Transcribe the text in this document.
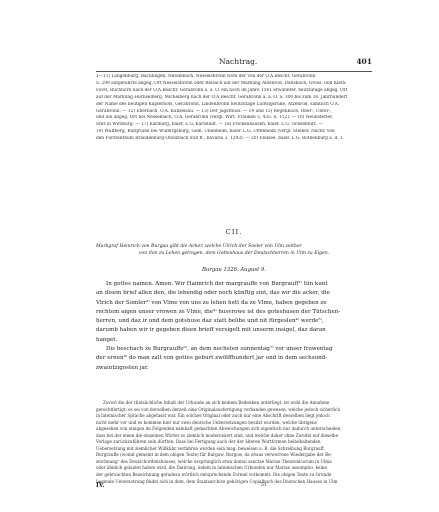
Nachtrag.	401
1—11) Langenburg, Bächlingen, Nesselbach, Nesselsbronn wohl der von der O.A.Beschr. Gerabronn
S. 299 aufgeführte abgeg. Ort Nesselsbronn oder Reisach auf der Markung Atzenrod, Dünsbach, Gross- und Klein-
Forst, Buchhorn nach der O.A.Beschr. Gerabronn a. a. O. ein noch im Jahre 1561 erwähnter, heutzutage abgeg. Ort
auf der Markung Hürnselberg, Michelberg nach der O.A.Beschr. Gerabronn a. a. O. S. 300 bis zum 16. Jahrhundert
der Name des heutigen Kupferhofs, Gerabronn, Lindenbronn heutzutage Ludwigsruhe, Atzenrod, sämtlich O.A.
Gerabronn. — 12) Eberbach, O.A. Künzelsau. — 13) Der Jagstfluss. — 14 und 15) Regenbach, Ober-, Unter-,
und ein abgeg. Ort bei Nesselbach, O.A. Gerabronn (vergl. Wirt. Franken 5, 433. 6, 112). — 16) Neunstetter,
Stift in Wirzburg. — 17) Karlburg, baier. L.G. Karlstadt. — 18) Frickenhausen, baier. L.G. Ochsenfurt. —
19) Wülfberg, Burgruine bei Wülfergsburg, Gem. Uhenheim, baier. L.G. Uffenheim (vergl. Stieber, Nachr. von
den Fürstenthum Brandenburg-Onolzbach 858 ff., Bavaria 3, 1293). — 20) Endsee, baier. L.G. Rothenburg a. d. T.
CII.
Markgraf Heinrich von Burgau gibt die Äcker, welche Ulrich der Soeler von Ulm seither
von ihm zu Lehen getragen, dem Gotteshaus der Deutschherren in Ulm zu Eigen.
Burgau 1326. August 9.
In gottes namen. Amen. Wir Haimrich der margrauffe von Burgrauff¹⁾ tün kunt
an disem brief allen den, die lebendig oder noch künftig sint, das wir die acker, die
Vlrich der Somler²⁾ von Vlme von uns ze lehen hett da ze Vlme, haben gegeben ze
rechtem aigen unser vrowen ze Vlme, die³⁾ husvrowe ist des goteshusen der Tütschen-
herren, und daz ir und dem gotshuse daz statt belibe und nit fürgeslen⁴⁾ werde⁵⁾,
darumb haben wir ir gegeben disen brieff versigelt mit unserm insigel, daz daran
hanget.
Dis beschach ze Burgrauffe⁶⁾, an dem nechsten sunnentag⁷⁾ vor unser frowentag
der ernen⁸⁾ do man zalt von gottes geburt zwölffhundert jar und in dem sechsund-
zwaintzigosten jar.
Zuvorl die der thatsächliche Inhalt der Urkunde an sich keinem Bedenken unterliegt, ist wohl die Annahme
gerechtfertigt, es sei von derselben derzeit eine Originalausfertigung vorhanden gewesen, welche jedoch sicherlich
in lateinischer Sprache abgefasst war. Ein solches Original oder auch nur eine Abschrift desselben liegt jedoch
nicht mehr vor und es kommen hier nur zwei deutsche Uebersetzungen besitzt wurden, welche übrigens
abgesehen von einigen im Folgenden namhaft gemachten Abweichungen sich eigentlich nur dadurch unterscheiden,
dass bei der einen die einzelnen Wörter so ziemlich modernisiert sind, und welche daher ohne Zweifel auf dieselbe
Vorlage zurückzuführen sein dürften. Dass bei Fertigung auch der der älteren Wortformen beibehaltenden
Uebersetzung mit ziemlicher Willkühr verfahren worden sein mag, beweisen u. B. die Schreibung Burgrauff,
Burgrauffe (womit gemeint in dem obigen Texte) für Burgaw, Burgow, da etwas verworrene Wiedergabe der Be-
zeichnung¹ des Deutschordenshauses, welche ursprünglich etwa domui sanctae Mariae Theutonicorum in Ulma
oder ähnlich gelautet haben wird, die Datirung, indem in lateinischen Urkunden nur Mariae assumptio, keine
der gebrauchten Bezeichnung geradezu wörtlich entsprechende Formel vorkommt. Die obigen Texte zu Grunde
liegende Uebersetzung findet sich in dem, dem Staatsarchive gehörigen Copialbuch des Deutschen Hauses in Ulm
IV.	51
